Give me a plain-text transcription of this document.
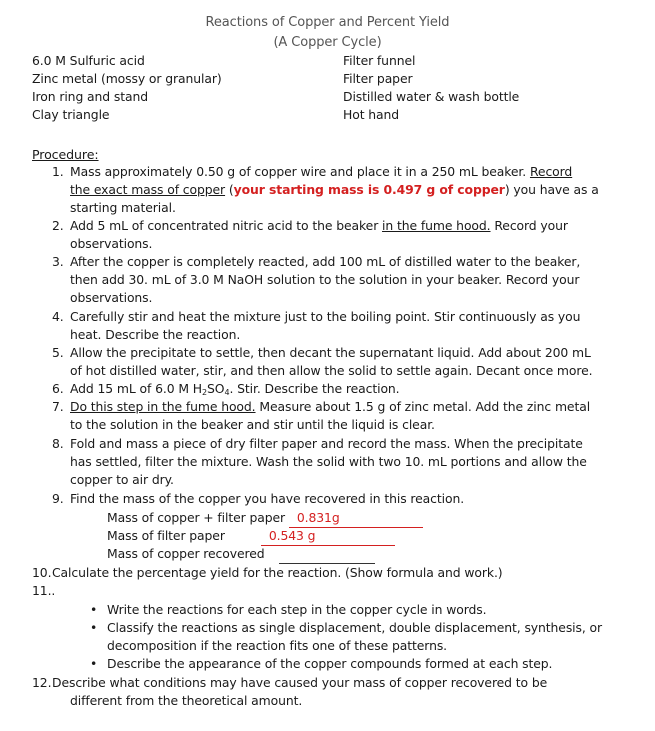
Reactions of Copper and Percent Yield
(A Copper Cycle)
6.0 M Sulfuric acid
Zinc metal (mossy or granular)
Iron ring and stand
Clay triangle
Filter funnel
Filter paper
Distilled water & wash bottle
Hot hand
Procedure:
1. Mass approximately 0.50 g of copper wire and place it in a 250 mL beaker. Record
the exact mass of copper (your starting mass is 0.497 g of copper) you have as a
starting material.
2. Add 5 mL of concentrated nitric acid to the beaker in the fume hood. Record your
observations.
3. After the copper is completely reacted, add 100 mL of distilled water to the beaker,
then add 30. mL of 3.0 M NaOH solution to the solution in your beaker. Record your
observations.
4. Carefully stir and heat the mixture just to the boiling point. Stir continuously as you
heat. Describe the reaction.
5. Allow the precipitate to settle, then decant the supernatant liquid. Add about 200 mL
of hot distilled water, stir, and then allow the solid to settle again. Decant once more.
6. Add 15 mL of 6.0 M $H_2SO_4$. Stir. Describe the reaction.
7. Do this step in the fume hood. Measure about 1.5 g of zinc metal. Add the zinc metal
to the solution in the beaker and stir until the liquid is clear.
8. Fold and mass a piece of dry filter paper and record the mass. When the precipitate
has settled, filter the mixture. Wash the solid with two 10. mL portions and allow the
copper to air dry.
9. Find the mass of the copper you have recovered in this reaction.
Mass of copper + filter paper 0.831g
Mass of filter paper	0.543 g
Mass of copper recovered
10. Calculate the percentage yield for the reaction. (Show formula and work.)
11..
• Write the reactions for each step in the copper cycle in words.
• Classify the reactions as single displacement, double displacement, synthesis, or
decomposition if the reaction fits one of these patterns.
• Describe the appearance of the copper compounds formed at each step.
12. Describe what conditions may have caused your mass of copper recovered to be
different from the theoretical amount.
